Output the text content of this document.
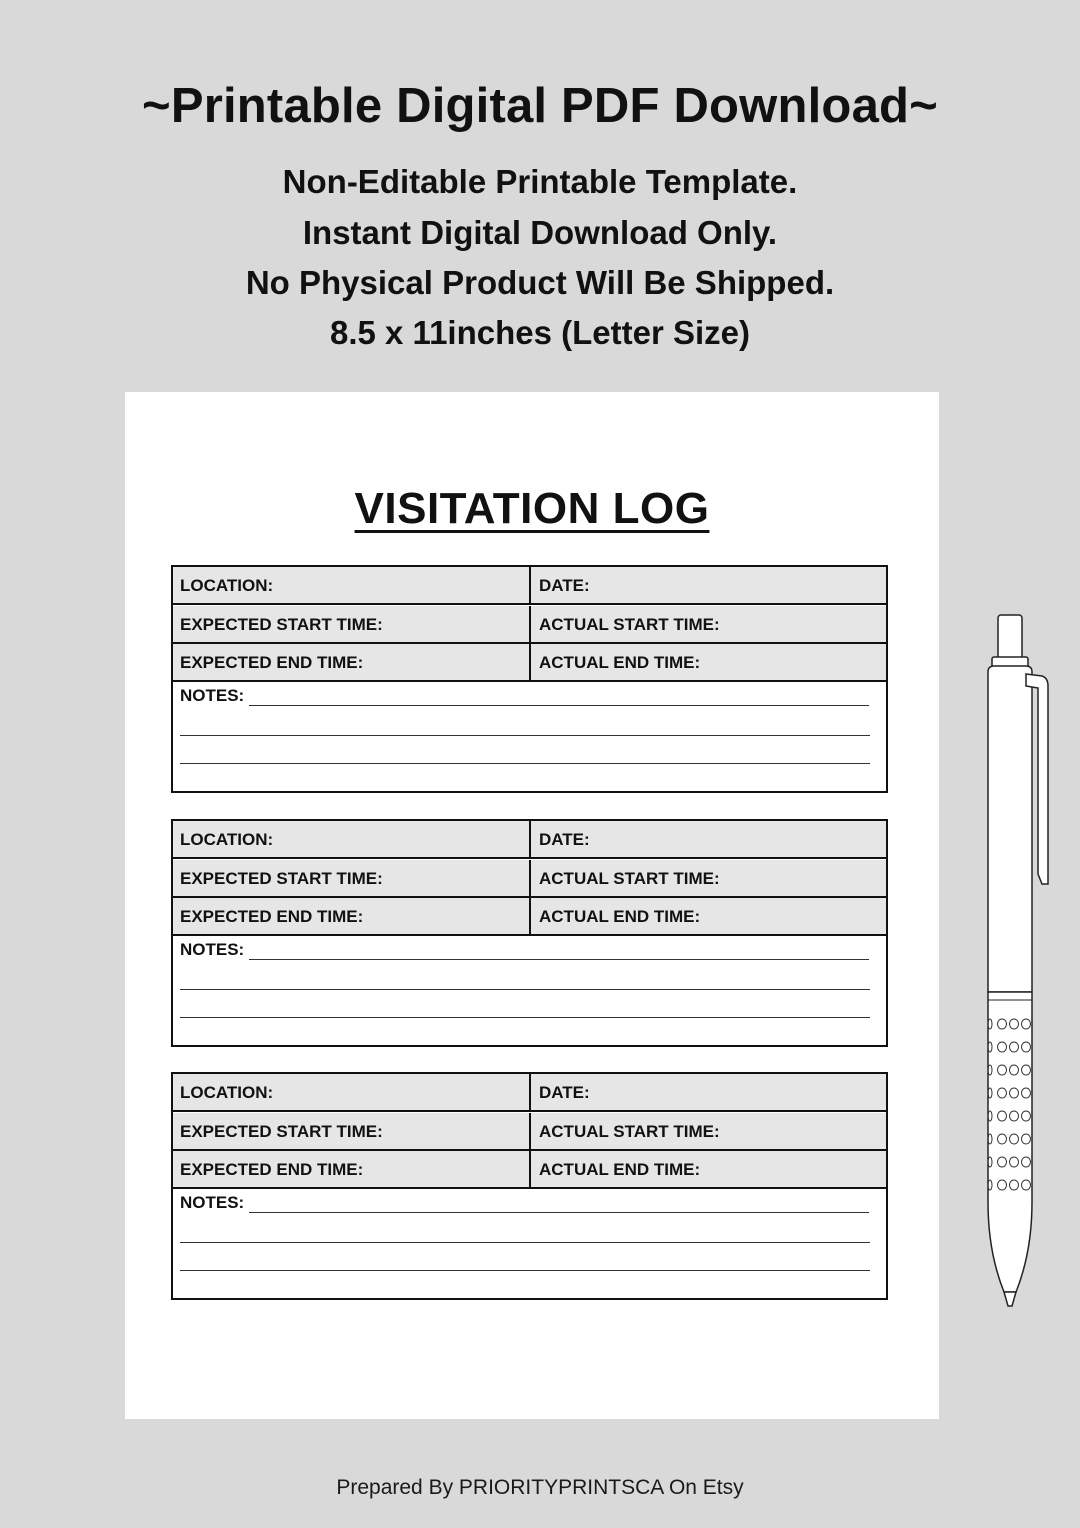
~Printable Digital PDF Download~
Non-Editable Printable Template.
Instant Digital Download Only.
No Physical Product Will Be Shipped.
8.5 x 11inches (Letter Size)
VISITATION LOG
LOCATION:	DATE:
EXPECTED START TIME:	ACTUAL START TIME:
EXPECTED END TIME:	ACTUAL END TIME:
NOTES:
LOCATION:	DATE:
EXPECTED START TIME:	ACTUAL START TIME:
EXPECTED END TIME:	ACTUAL END TIME:
NOTES:
LOCATION:	DATE:
EXPECTED START TIME:	ACTUAL START TIME:
EXPECTED END TIME:	ACTUAL END TIME:
NOTES:
Prepared By PRIORITYPRINTSCA On Etsy
